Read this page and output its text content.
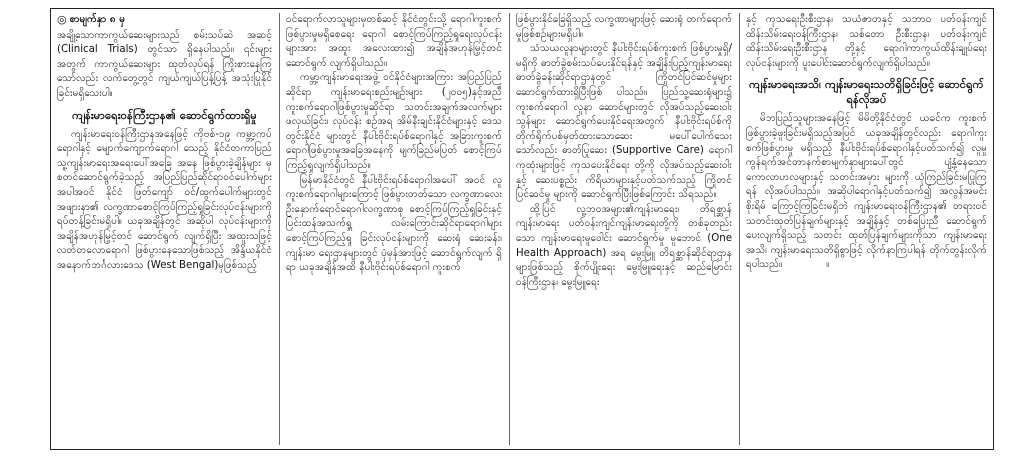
◎ စာမျက်နှာ ၈ မှ

အချို့သောကာကွယ်ဆေးများသည် စမ်းသပ်ဆဲ အဆင့် (Clinical Trials) တွင်သာ ရှိနေပါသည်။ ၎င်းများအတွက် ကာကွယ်ဆေးများ ထုတ်လုပ်ရန် ကြိုးစားနေကြသော်လည်း လက်တွေ့တွင် ကျယ်ကျယ်ပြန့်ပြန့် အသုံးပြုနိုင်ခြင်းမရှိသေးပါ။

ကျန်းမာရေးဝန်ကြီးဌာန၏ ဆောင်ရွက်ထားရှိမှု

ကျန်းမာရေးဝန်ကြီးဌာနအနေဖြင့် ကိုဗစ်-၁၉ ကမ္ဘာ့ကပ်ရောဂါနှင့် မျောက်ကျောက်ရောဂါ သေည့် နိုင်ငံတကာပြည်သူ့ကျန်းမာရေးအရေးပေါ်အခြေ အနေ ဖြစ်ပွားခဲ့ချိန်များ မှ စတင်ဆောင်ရွက်ခဲ့သည့် အပြည်ပြည်ဆိုင်ရာဝင်ပေါက်များအပါအဝင် နိုင်ငံ ဖြတ်ကျော် ဝင်/ထွက်ပေါက်များတွင် အဖျားနာ၏ လက္ခဏာစောင့်ကြပ်ကြည့်ရှုခြင်းလုပ်ငန်းများကို ရပ်တန့်ခြင်းမရှိပါ။ ယခုအချိန်တွင် အဆိုပါ လုပ်ငန်းများကို အချိန်အဟုန်မြှင့်တင် ဆောင်ရွက် လျက်ရှိပြီး အထူးသဖြင့် လတ်တလောရောဂါ ဖြစ်ပွားနေသောဖြစ်သည့် အိန္ဒိယနိုင်ငံ အနောက်ဘင်္ဂလားဒေသ (West Bengal)မှဖြစ်သည့်

ဝင်ရောက်လာသူများမှတစ်ဆင့် နိုင်ငံတွင်းသို့ ရောဂါကူးစက်ဖြစ်ပွားမှုမရှိစေရေး ရောဂါ စောင့်ကြပ်ကြည့်ရှုရေးလုပ်ငန်းများအား အထူး အလေးထား၍ အချိန်အဟုန်မြှင့်တင် ဆောင်ရွက် လျက်ရှိပါသည်။

ကမ္ဘာ့ကျန်းမာရေးအဖွဲ့ ဝင်နိုင်ငံများအကြား အပြည်ပြည်ဆိုင်ရာ ကျန်းမာရေးစည်းမျဉ်းများ (၂၀၀၅)နှင့်အညီ ကူးစက်ရောဂါဖြစ်ပွားမှုဆိုင်ရာ သတင်းအချက်အလက်များ ဖလှယ်ခြင်း၊ လုပ်ငန်း စဉ်အရ အိမ်နီးချင်းနိုင်ငံများနှင့် ဒေသတွင်းနိုင်ငံ များတွင် နီပါးဗိုင်းရပ်စ်ရောဂါနှင့် အခြားကူးစက် ရောဂါဖြစ်ပွားမှုအခြေအနေကို မျက်ခြည်မပြတ် စောင့်ကြပ်ကြည့်ရှုလျက်ရှိပါသည်။

မြန်မာနိုင်ငံတွင် နီပါးဗိုင်းရပ်စ်ရောဂါအပေါ် အဝင် လူကူးစက်ရောဂါများကြောင့် ဖြစ်ပွားတတ်သော လက္ခဏာလေး ဦးနှောက်ရောင်ရောဂါလက္ခဏာစု စောင့်ကြပ်ကြည့်ရှုခြင်းနှင့် ပြင်းထန်အသက်ရှူ လမ်းကြောင်းဆိုင်ရာရောဂါများ စောင့်ကြပ်ကြည့်ရှု ခြင်းလုပ်ငန်းများကို ဆေးရုံ ဆေးခန်း၊ ကျန်းမာ ရေးဌာနများတွင် ပုံမှန်အားဖြင့် ဆောင်ရွက်လျက် ရှိရာ ယခုအချိန်အထိ နီပါးဗိုင်းရပ်စ်ရောဂါ ကူးစက်

ဖြစ်ပွားနိုင်ခြေရှိသည့် လက္ခဏာများဖြင့် ဆေးရုံ တက်ရောက်မှုဖြစ်စဉ်များမရှိပါ။

သံသယလူနာများတွင် နီပါးဗိုင်းရပ်စ်ကူးစက် ဖြစ်ပွားမှုရှိ/မရှိကို ဓာတ်ခွဲစမ်းသပ်ပေးနိုင်ရန်နှင့် အချိန်းပြည့်ကျန်းမာရေး ဓာတ်ခွဲခန်းဆိုင်ရာဌာနတွင် ကြိုတင်ပြင်ဆင်မှုများ ဆောင်ရွက်ထားရှိပြီးဖြစ် ပါသည်။ ပြည်သူ့ဆေးရုံများ၌ ကူးစက်ရောဂါ လူနာ ဆောင်များတွင် လိုအပ်သည့်ဆေးဝါးသွန်များ ဆောင်ရွက်ပေးနိုင်ရေးအတွက် နီပါးဗိုင်းရပ်စ်ကို တိုက်ရိုက်ပစ်မှတ်ထားသောဆေး မပေါ်ပေါက်သေး သော်လည်း ဓာတ်ပြုဆေး (Supportive Care) ရောဂါကုထုံးများဖြင့် ကုသပေးနိုင်ရေး တို့ကို လိုအပ်သည့်ဆေးဝါးနှင့် ဆေးပစ္စည်း ကိရိယာများနှင့်ပတ်သက်သည့် ကြိုတင်ပြင်ဆင်မှု များကို ဆောင်ရွက်ပြီးဖြစ်ကြောင်း သိရသည်။

ထို့ပြင် လူ့ဘဝအများ၏ကျန်းမာရေး၊ တိရစ္ဆာန် ကျန်းမာရေး ပတ်ဝန်းကျင်ကျန်းမာရေးတို့ကို တစ်ခုတည်းသော ကျန်းမာရေးမူဝေါင်း ဆောင်ရွက်မှု မူဘောင် (One Health Approach) အရ မွေးမြူ တိရစ္ဆာန်ဆိုင်ရာဌာနများဖြစ်သည့် စိုက်ပျိုးရေး မွေးမြူရေးနှင့် ဆည်မြောင်းဝန်ကြီးဌာန၊ မွေးမြူရေး

နှင့် ကုသရေးဦးစီးဌာန၊ သယံဇာတနှင့် သဘာဝ ပတ်ဝန်းကျင်ထိန်းသိမ်းရေးဝန်ကြီးဌာန၊ သစ်တော ဦးစီးဌာန၊ ပတ်ဝန်းကျင်ထိန်းသိမ်းရေးဦးစီးဌာန တို့နှင့် ရောဂါကာကွယ်ထိန်းချုပ်ရေးလုပ်ငန်းများကို ပူးပေါင်းဆောင်ရွက်လျက်ရှိပါသည်။

ကျန်းမာရေးအသိ၊ ကျန်းမာရေးသတိရှိခြင်းဖြင့် ဆောင်ရွက်ရန်လိုအပ်

မိဘပြည်သူများအနေဖြင့် မိမိတို့နိုင်ငံတွင် ယခင်က ကူးစက်ဖြစ်ပွားခဲ့ဖူးခြင်းမရှိသည့်အပြင် ယခုအချိန်တွင်လည်း ရောဂါကူးစက်ဖြစ်ပွားမှု မရှိသည့် နီပါးဗိုင်းရပ်စ်ရောဂါနှင့်ပတ်သက်၍ လူမှုကွန်ရက်အင်တာနက်စာမျက်နှာများပေါ်တွင် ပျံ့နှံ့နေသော ကောလာဟလများနှင့် သတင်းအမှား များကို ယုံကြည်ခြင်းမပြုကြရန် လိုအပ်ပါသည်။ အဆိုပါရောဂါနှင့်ပတ်သက်၍ အလွန်အမင်း စိုးရိမ် ကြောင့်ကြခြင်းမရှိဘဲ ကျန်းမာရေးဝန်ကြီးဌာန၏ တရားဝင် သတင်းထုတ်ပြန်ချက်များနှင့် အချိန်နှင့် တစ်ပြေးညီ ဆောင်ရွက်ပေးလျက်ရှိသည့် သတင်း ထုတ်ပြန်ချက်များကိုသာ ကျန်းမာရေးအသိ၊ ကျန်းမာရေးသတိရှိစွာဖြင့် လိုက်နာကြပါရန် တိုက်တွန်းလိုက်ရပါသည်။	။
